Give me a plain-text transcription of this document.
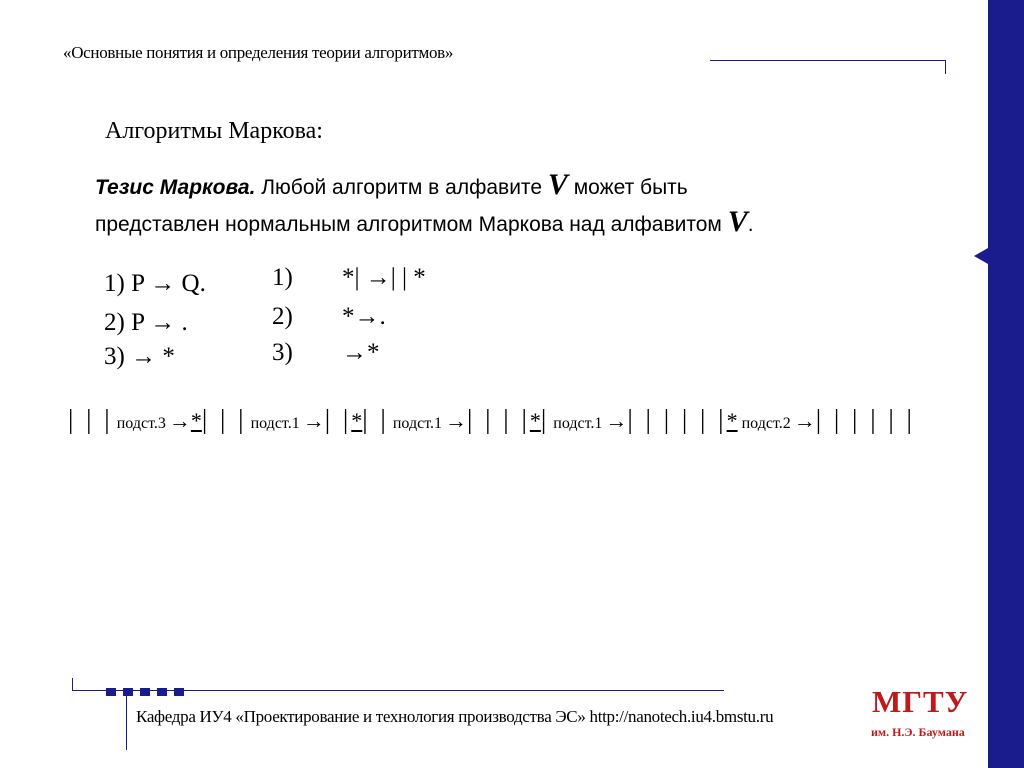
«Основные понятия и определения теории алгоритмов»
Алгоритмы Маркова:
Тезис Маркова. Любой алгоритм в алфавите V может быть представлен нормальным алгоритмом Маркова над алфавитом V.
1) P → Q.
2) P → .
3) → *
1)
2)
3)
*| →| | *
*→.
→*
| | | подст.3 →*| | | подст.1 →| |*| | подст.1 →| | | |*| подст.1 →| | | | | |* подст.2 →| | | | | |
Кафедра ИУ4 «Проектирование и технология производства ЭС» http://nanotech.iu4.bmstu.ru	МГТУ
им. Н.Э. Баумана
